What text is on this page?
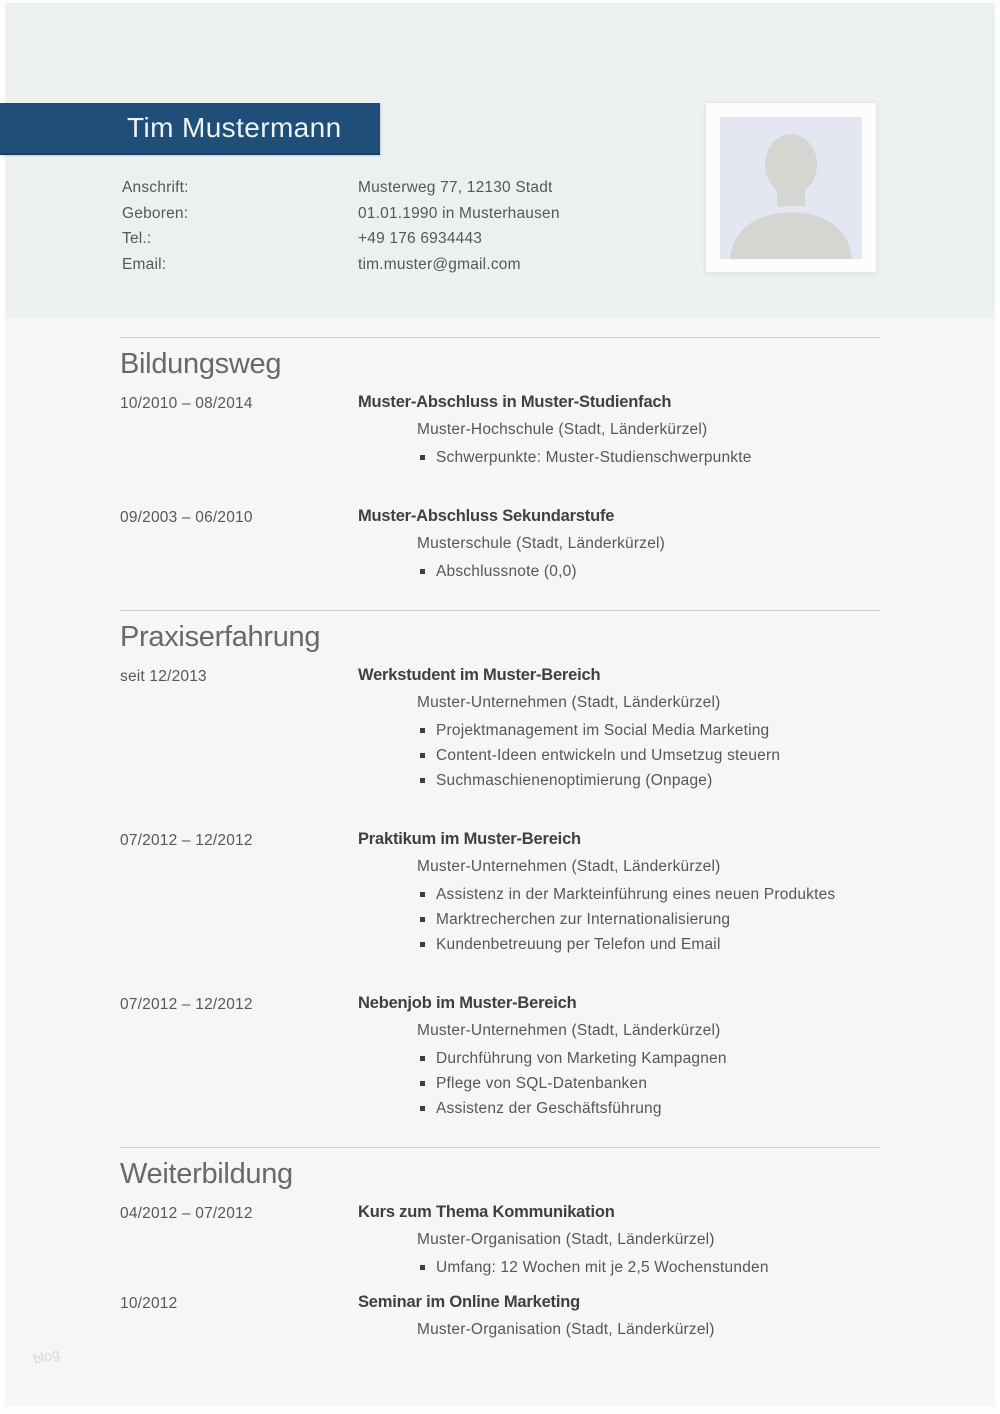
Tim Mustermann
Anschrift:	Musterweg 77, 12130 Stadt
Geboren:	01.01.1990 in Musterhausen
Tel.:	+49 176 6934443
Email:	tim.muster@gmail.com
Bildungsweg
10/2010 – 08/2014	Muster-Abschluss in Muster-Studienfach
Muster-Hochschule (Stadt, Länderkürzel)
Schwerpunkte: Muster-Studienschwerpunkte
09/2003 – 06/2010	Muster-Abschluss Sekundarstufe
Musterschule (Stadt, Länderkürzel)
Abschlussnote (0,0)
Praxiserfahrung
seit 12/2013	Werkstudent im Muster-Bereich
Muster-Unternehmen (Stadt, Länderkürzel)
Projektmanagement im Social Media Marketing
Content-Ideen entwickeln und Umsetzug steuern
Suchmaschienenoptimierung (Onpage)
07/2012 – 12/2012	Praktikum im Muster-Bereich
Muster-Unternehmen (Stadt, Länderkürzel)
Assistenz in der Markteinführung eines neuen Produktes
Marktrecherchen zur Internationalisierung
Kundenbetreuung per Telefon und Email
07/2012 – 12/2012	Nebenjob im Muster-Bereich
Muster-Unternehmen (Stadt, Länderkürzel)
Durchführung von Marketing Kampagnen
Pflege von SQL-Datenbanken
Assistenz der Geschäftsführung
Weiterbildung
04/2012 – 07/2012	Kurs zum Thema Kommunikation
Muster-Organisation (Stadt, Länderkürzel)
Umfang: 12 Wochen mit je 2,5 Wochenstunden
10/2012	Seminar im Online Marketing
Muster-Organisation (Stadt, Länderkürzel)
blog
